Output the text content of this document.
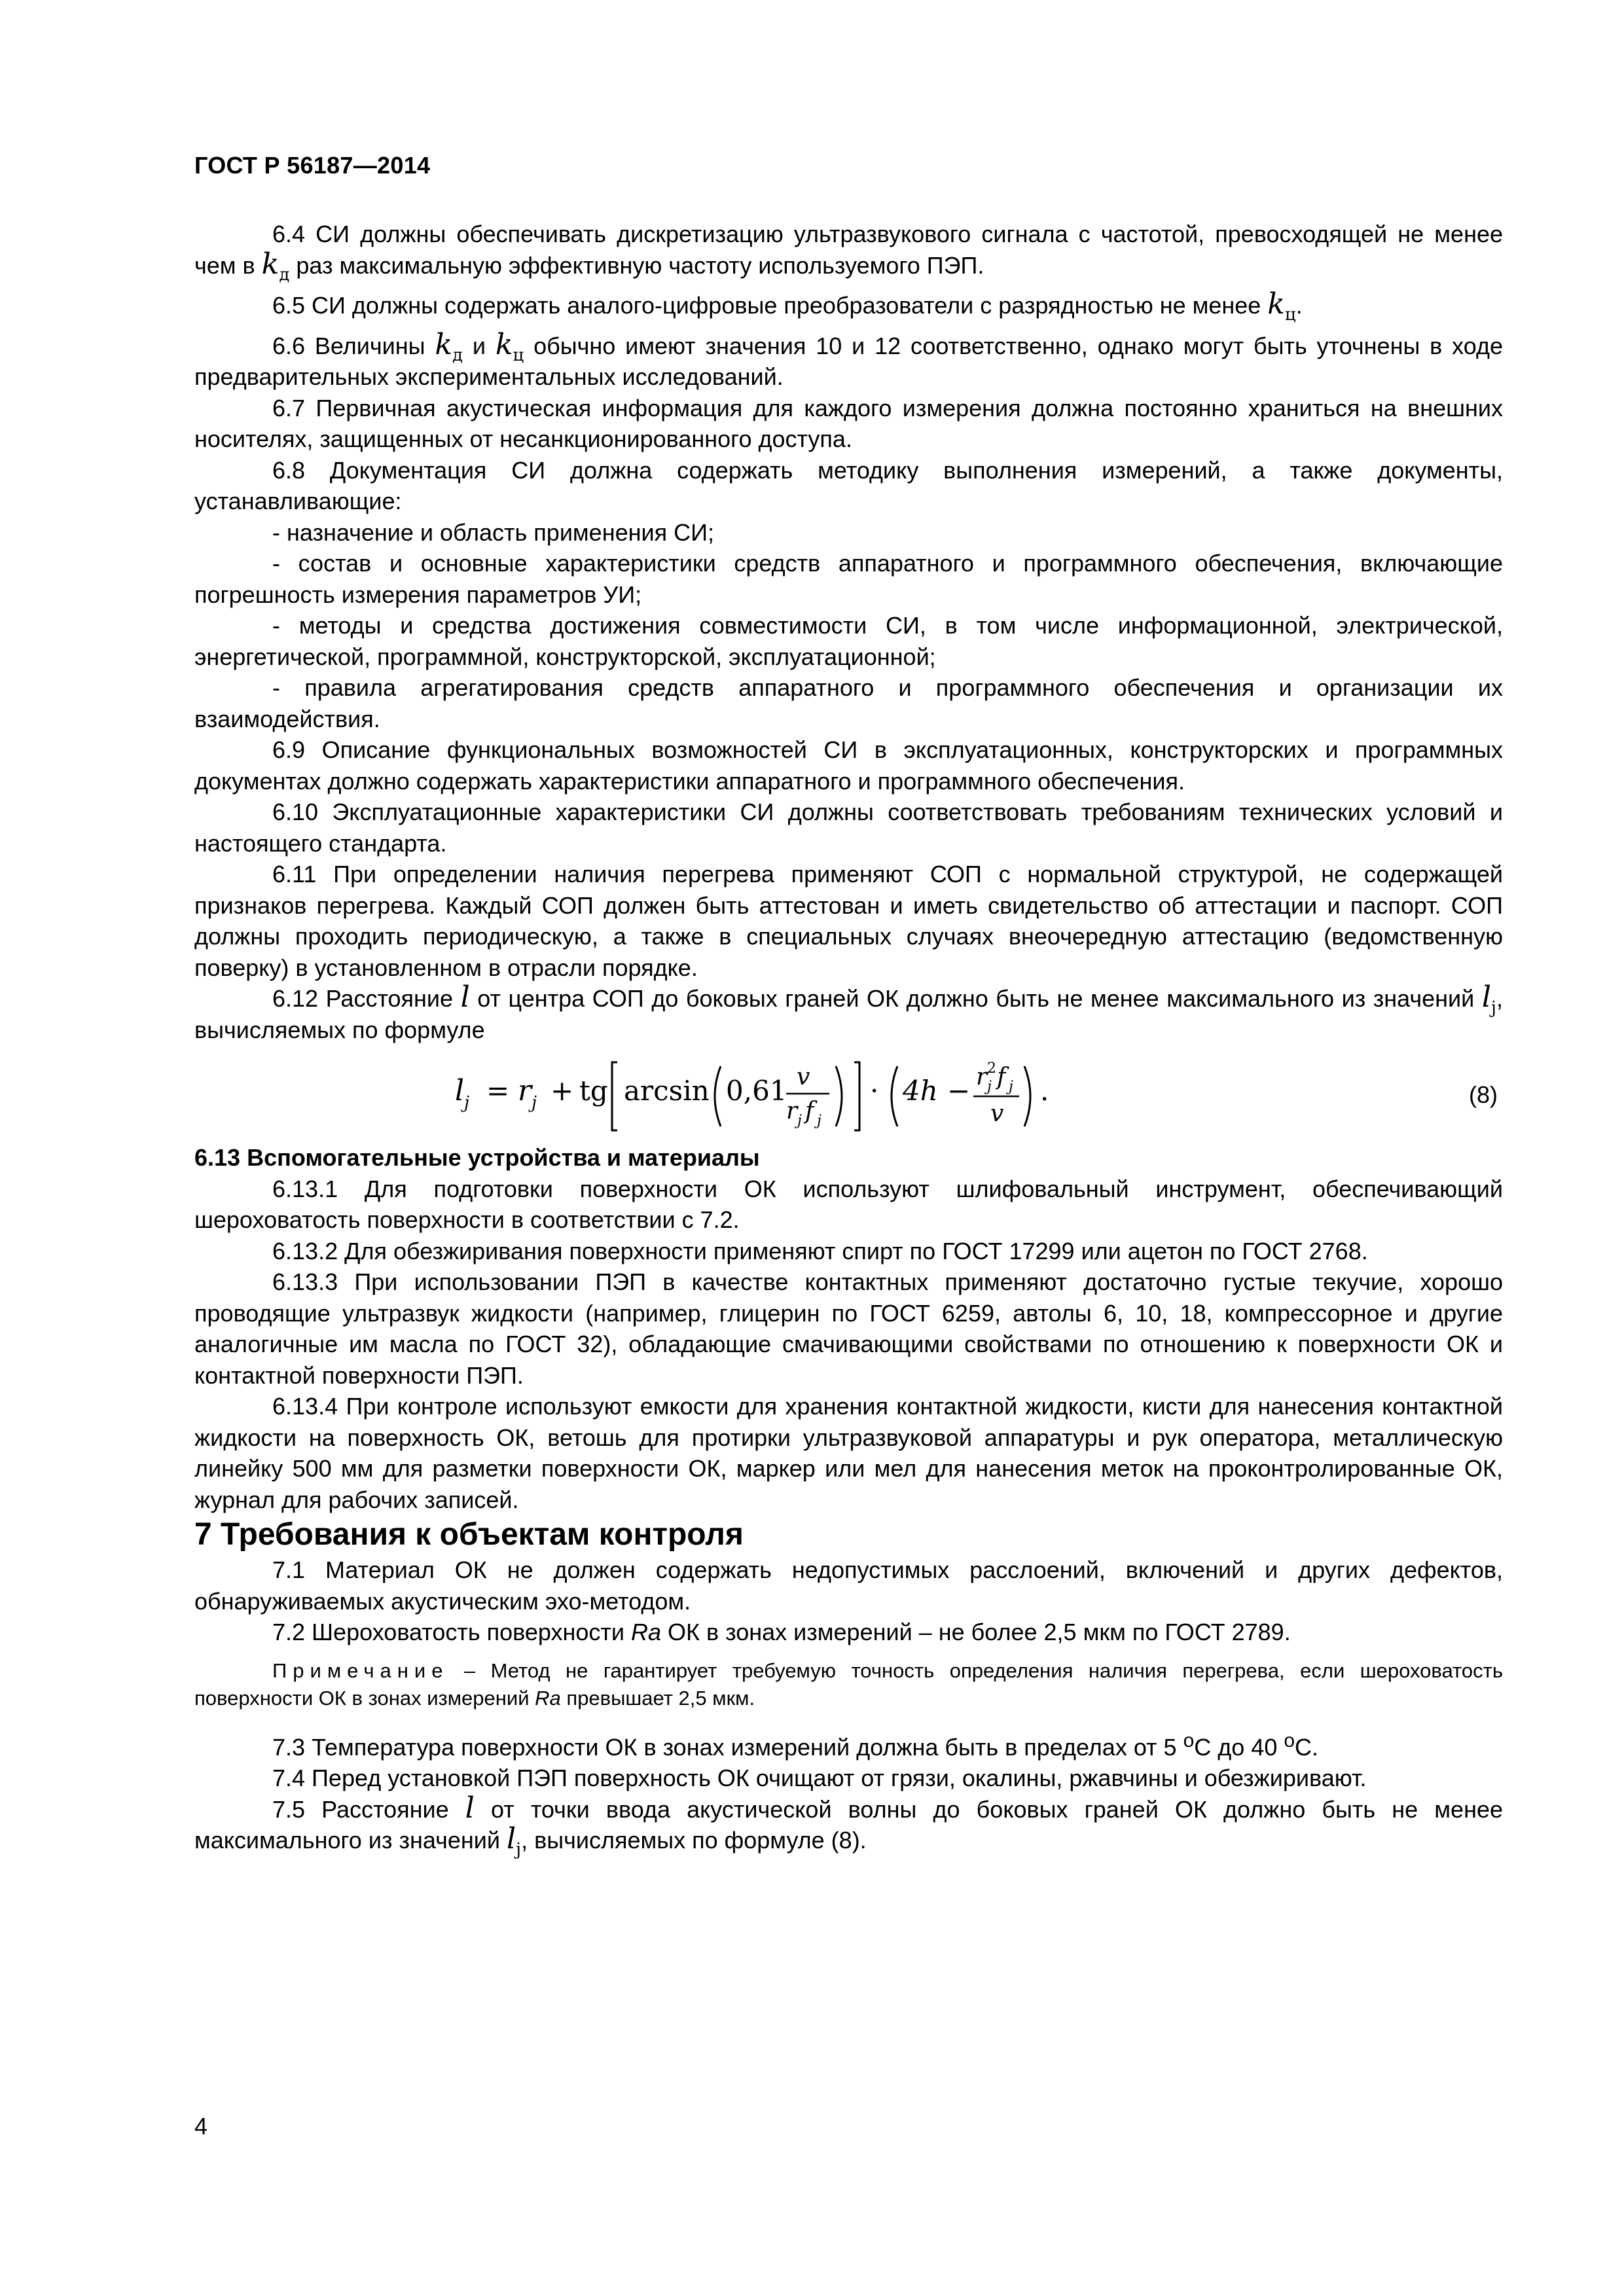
ГОСТ Р 56187—2014

6.4 СИ должны обеспечивать дискретизацию ультразвукового сигнала с частотой, превосходящей не менее чем в $k_д$ раз максимальную эффективную частоту используемого ПЭП.

6.5 СИ должны содержать аналого-цифровые преобразователи с разрядностью не менее $k_ц$.

6.6 Величины $k_д$ и $k_ц$ обычно имеют значения 10 и 12 соответственно, однако могут быть уточнены в ходе предварительных экспериментальных исследований.

6.7 Первичная акустическая информация для каждого измерения должна постоянно храниться на внешних носителях, защищенных от несанкционированного доступа.

6.8 Документация СИ должна содержать методику выполнения измерений, а также документы, устанавливающие:

- назначение и область применения СИ;

- состав и основные характеристики средств аппаратного и программного обеспечения, включающие погрешность измерения параметров УИ;

- методы и средства достижения совместимости СИ, в том числе информационной, электрической, энергетической, программной, конструкторской, эксплуатационной;

- правила агрегатирования средств аппаратного и программного обеспечения и организации их взаимодействия.

6.9 Описание функциональных возможностей СИ в эксплуатационных, конструкторских и программных документах должно содержать характеристики аппаратного и программного обеспечения.

6.10 Эксплуатационные характеристики СИ должны соответствовать требованиям технических условий и настоящего стандарта.

6.11 При определении наличия перегрева применяют СОП с нормальной структурой, не содержащей признаков перегрева. Каждый СОП должен быть аттестован и иметь свидетельство об аттестации и паспорт. СОП должны проходить периодическую, а также в специальных случаях внеочередную аттестацию (ведомственную поверку) в установленном в отрасли порядке.

6.12 Расстояние l от центра СОП до боковых граней ОК должно быть не менее максимального из значений $l_j$, вычисляемых по формуле

l j = r j + tg arcsin 0,61 v
r j f j
· 4h − r 2
j f j
v
.	(8)

6.13 Вспомогательные устройства и материалы

6.13.1 Для подготовки поверхности ОК используют шлифовальный инструмент, обеспечивающий шероховатость поверхности в соответствии с 7.2.

6.13.2 Для обезжиривания поверхности применяют спирт по ГОСТ 17299 или ацетон по ГОСТ 2768.

6.13.3 При использовании ПЭП в качестве контактных применяют достаточно густые текучие, хорошо проводящие ультразвук жидкости (например, глицерин по ГОСТ 6259, автолы 6, 10, 18, компрессорное и другие аналогичные им масла по ГОСТ 32), обладающие смачивающими свойствами по отношению к поверхности ОК и контактной поверхности ПЭП.

6.13.4 При контроле используют емкости для хранения контактной жидкости, кисти для нанесения контактной жидкости на поверхность ОК, ветошь для протирки ультразвуковой аппаратуры и рук оператора, металлическую линейку 500 мм для разметки поверхности ОК, маркер или мел для нанесения меток на проконтролированные ОК, журнал для рабочих записей.

7 Требования к объектам контроля

7.1 Материал ОК не должен содержать недопустимых расслоений, включений и других дефектов, обнаруживаемых акустическим эхо-методом.

7.2 Шероховатость поверхности Ra ОК в зонах измерений – не более 2,5 мкм по ГОСТ 2789.

Примечание – Метод не гарантирует требуемую точность определения наличия перегрева, если шероховатость поверхности ОК в зонах измерений Ra превышает 2,5 мкм.

7.3 Температура поверхности ОК в зонах измерений должна быть в пределах от 5 $^о$С до 40 $^о$С.

7.4 Перед установкой ПЭП поверхность ОК очищают от грязи, окалины, ржавчины и обезжиривают.

7.5 Расстояние l от точки ввода акустической волны до боковых граней ОК должно быть не менее максимального из значений $l_j$, вычисляемых по формуле (8).

4
